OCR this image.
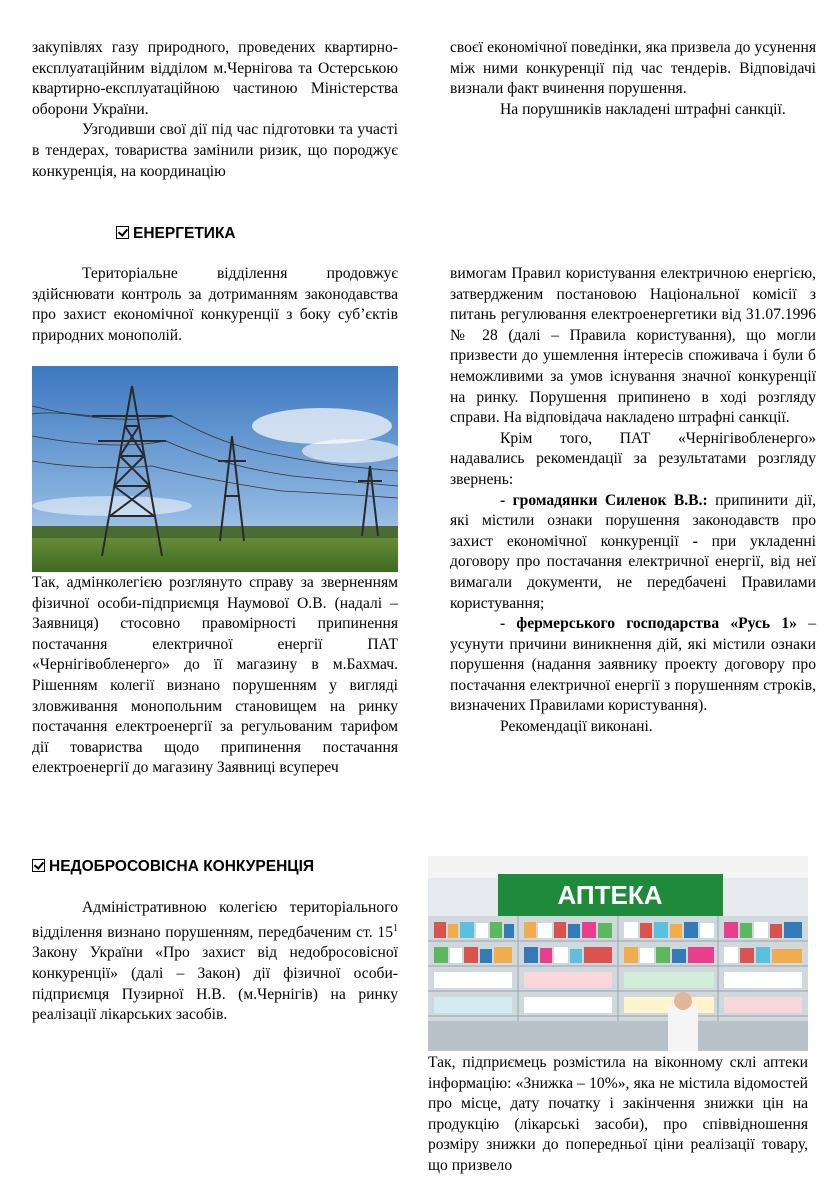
закупівлях газу природного, проведених квартирно-експлуатаційним відділом м.Чернігова та Остерською квартирно-експлуатаційною частиною Міністерства оборони України.

Узгодивши свої дії під час підготовки та участі в тендерах, товариства замінили ризик, що породжує конкуренція, на координацію

своєї економічної поведінки, яка призвела до усунення між ними конкуренції під час тендерів. Відповідачі визнали факт вчинення порушення.

На порушників накладені штрафні санкції.

ЕНЕРГЕТИКА

Територіальне відділення продовжує здійснювати контроль за дотриманням законодавства про захист економічної конкуренції з боку суб’єктів природних монополій.

Так, адмінколегією розглянуто справу за зверненням фізичної особи-підприємця Наумової О.В. (надалі – Заявниця) стосовно правомірності припинення постачання електричної енергії ПАТ «Чернігівобленерго» до її магазину в м.Бахмач. Рішенням колегії визнано порушенням у вигляді зловживання монопольним становищем на ринку постачання електроенергії за регульованим тарифом дії товариства щодо припинення постачання електроенергії до магазину Заявниці всупереч

вимогам Правил користування електричною енергією, затвердженим постановою Національної комісії з питань регулювання електроенергетики від 31.07.1996 № 28 (далі – Правила користування), що могли призвести до ушемлення інтересів споживача і були б неможливими за умов існування значної конкуренції на ринку. Порушення припинено в ході розгляду справи. На відповідача накладено штрафні санкції.

Крім того, ПАТ «Чернігівобленерго» надавались рекомендації за результатами розгляду звернень:

- громадянки Силенок В.В.: припинити дії, які містили ознаки порушення законодавств про захист економічної конкуренції - при укладенні договору про постачання електричної енергії, від неї вимагали документи, не передбачені Правилами користування;

- фермерського господарства «Русь 1» – усунути причини виникнення дій, які містили ознаки порушення (надання заявнику проекту договору про постачання електричної енергії з порушенням строків, визначених Правилами користування).

Рекомендації виконані.

НЕДОБРОСОВІСНА КОНКУРЕНЦІЯ

Адміністративною колегією територіального відділення визнано порушенням, передбаченим ст. $15^1$ Закону України «Про захист від недобросовісної конкуренції» (далі – Закон) дії фізичної особи-підприємця Пузирної Н.В. (м.Чернігів) на ринку реалізації лікарських засобів.

АПТЕКА

Так, підприємець розмістила на віконному склі аптеки інформацію: «Знижка – 10%», яка не містила відомостей про місце, дату початку і закінчення знижки цін на продукцію (лікарські засоби), про співвідношення розміру знижки до попередньої ціни реалізації товару, що призвело
